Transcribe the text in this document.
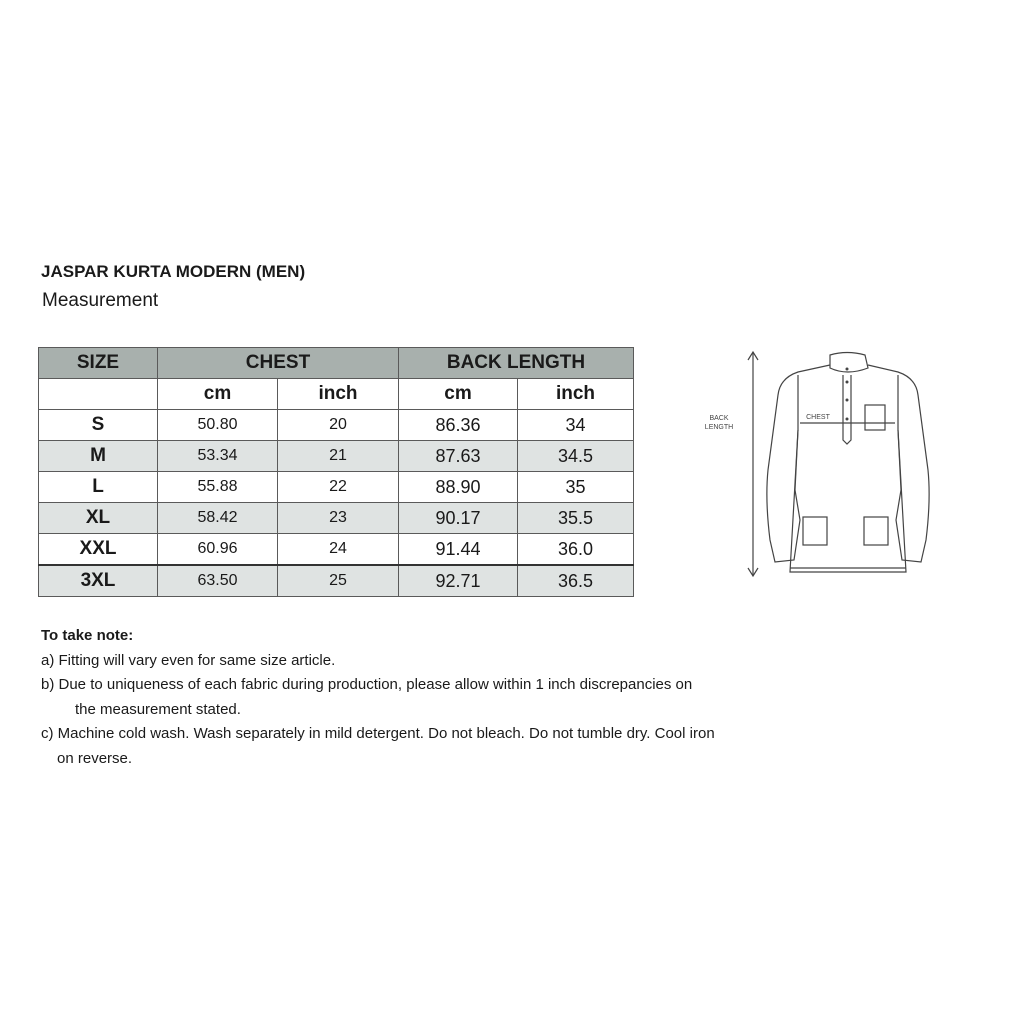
JASPAR KURTA MODERN (MEN)
Measurement
SIZE	CHEST		BACK LENGTH	
	cm	inch	cm	inch
S	50.80	20	86.36	34
M	53.34	21	87.63	34.5
L	55.88	22	88.90	35
XL	58.42	23	90.17	35.5
XXL	60.96	24	91.44	36.0
3XL	63.50	25	92.71	36.5
BACK
LENGTH
CHEST
To take note:
a) Fitting will vary even for same size article.
b) Due to uniqueness of each fabric during production, please allow within 1 inch discrepancies on
the measurement stated.
c) Machine cold wash. Wash separately in mild detergent. Do not bleach. Do not tumble dry. Cool iron
on reverse.
